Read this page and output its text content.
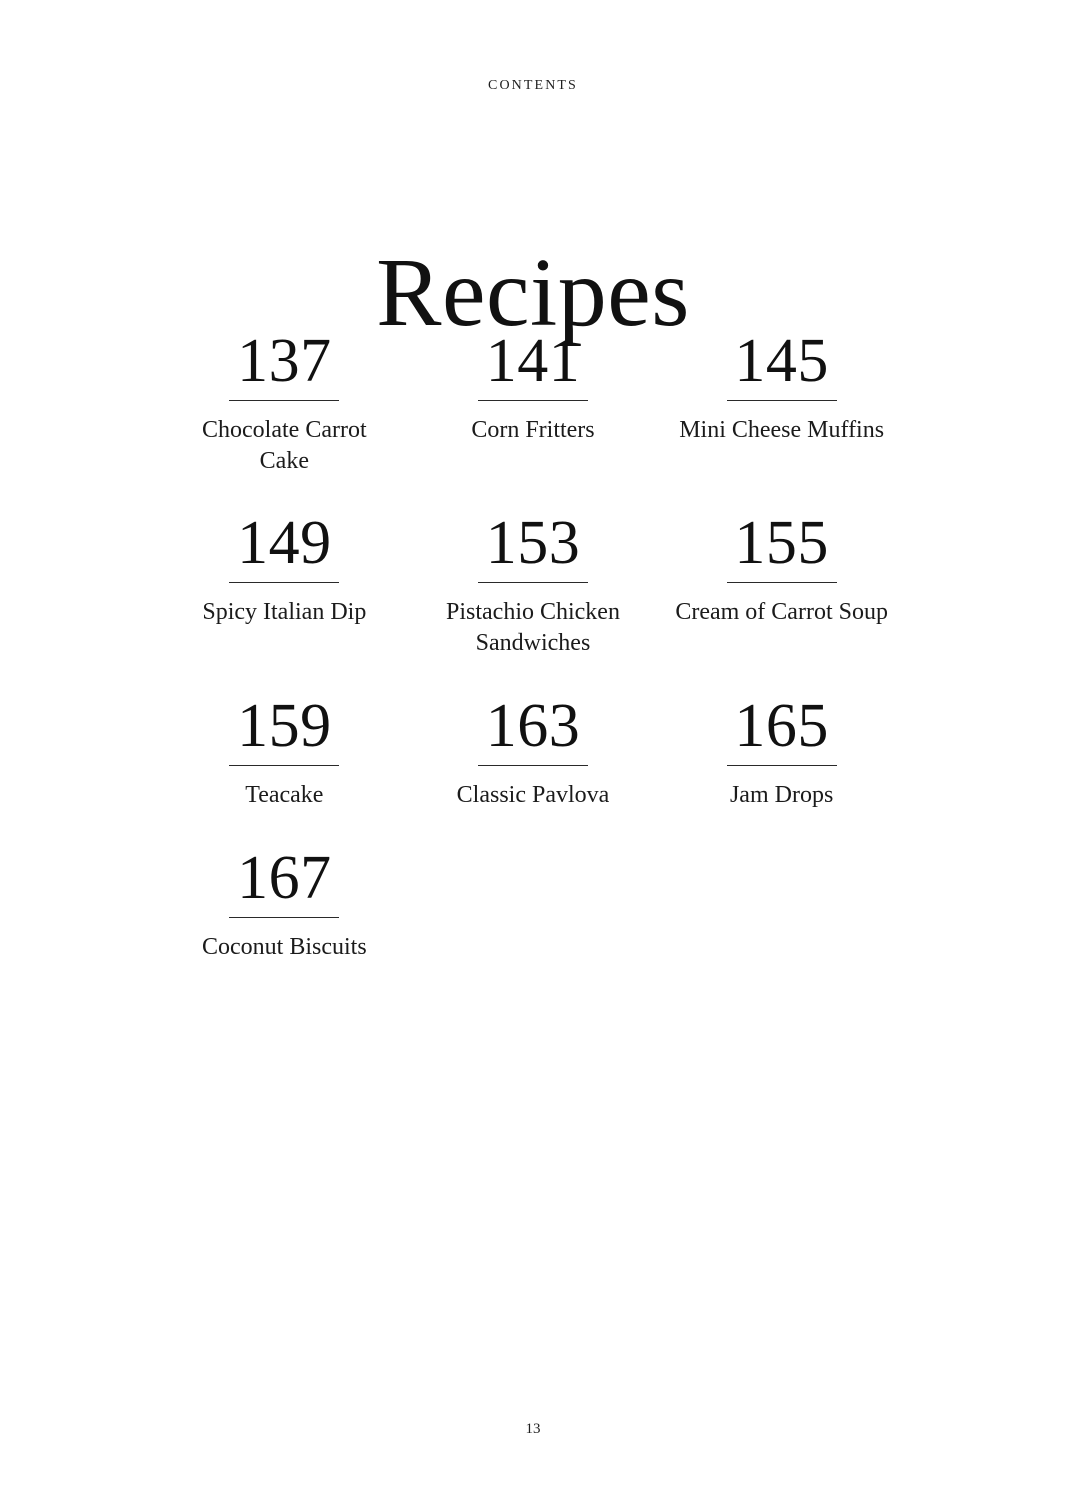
CONTENTS
Recipes
137
Chocolate Carrot Cake
141
Corn Fritters
145
Mini Cheese Muffins
149
Spicy Italian Dip
153
Pistachio Chicken Sandwiches
155
Cream of Carrot Soup
159
Teacake
163
Classic Pavlova
165
Jam Drops
167
Coconut Biscuits
13
